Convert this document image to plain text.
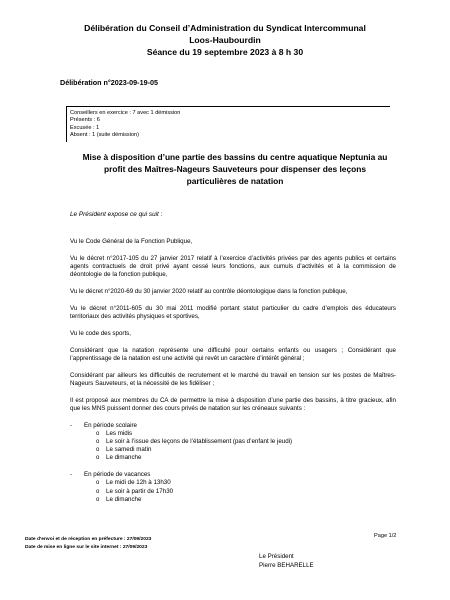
Délibération du Conseil d’Administration du Syndicat Intercommunal
Loos-Haubourdin
Séance du 19 septembre 2023 à 8 h 30
Délibération n°2023-09-19-05
Conseillers en exercice : 7 avec 1 démission
Présents : 6
Excusée : 1
Absent : 1 (suite démission)
Mise à disposition d’une partie des bassins du centre aquatique Neptunia au
profit des Maîtres-Nageurs Sauveteurs pour dispenser des leçons
particulières de natation
Le Président expose ce qui suit :

Vu le Code Général de la Fonction Publique,

Vu le décret n°2017-105 du 27 janvier 2017 relatif à l’exercice d’activités privées par des agents publics et certains agents contractuels de droit privé ayant cessé leurs fonctions, aux cumuls d’activités et à la commission de déontologie de la fonction publique,

Vu le décret n°2020-69 du 30 janvier 2020 relatif au contrôle déontologique dans la fonction publique,

Vu le décret n°2011-605 du 30 mai 2011 modifié portant statut particulier du cadre d’emplois des éducateurs territoriaux des activités physiques et sportives,

Vu le code des sports,

Considérant que la natation représente une difficulté pour certains enfants ou usagers ; Considérant que l’apprentissage de la natation est une activité qui revêt un caractère d’intérêt général ;

Considérant par ailleurs les difficultés de recrutement et le marché du travail en tension sur les postes de Maîtres-Nageurs Sauveteurs, et la nécessité de les fidéliser ;

Il est proposé aux membres du CA de permettre la mise à disposition d’une partie des bassins, à titre gracieux, afin que les MNS puissent donner des cours privés de natation sur les créneaux suivants :

- En période scolaire
o Les midis
o Le soir à l’issue des leçons de l’établissement (pas d’enfant le jeudi)
o Le samedi matin
o Le dimanche
- En période de vacances
o Le midi de 12h à 13h30
o Le soir à partir de 17h30
o Le dimanche
Page 1/2
Date d’envoi et de réception en préfecture : 27/09/2023
Date de mise en ligne sur le site internet : 27/09/2023
Le Président
Pierre BEHARELLE
